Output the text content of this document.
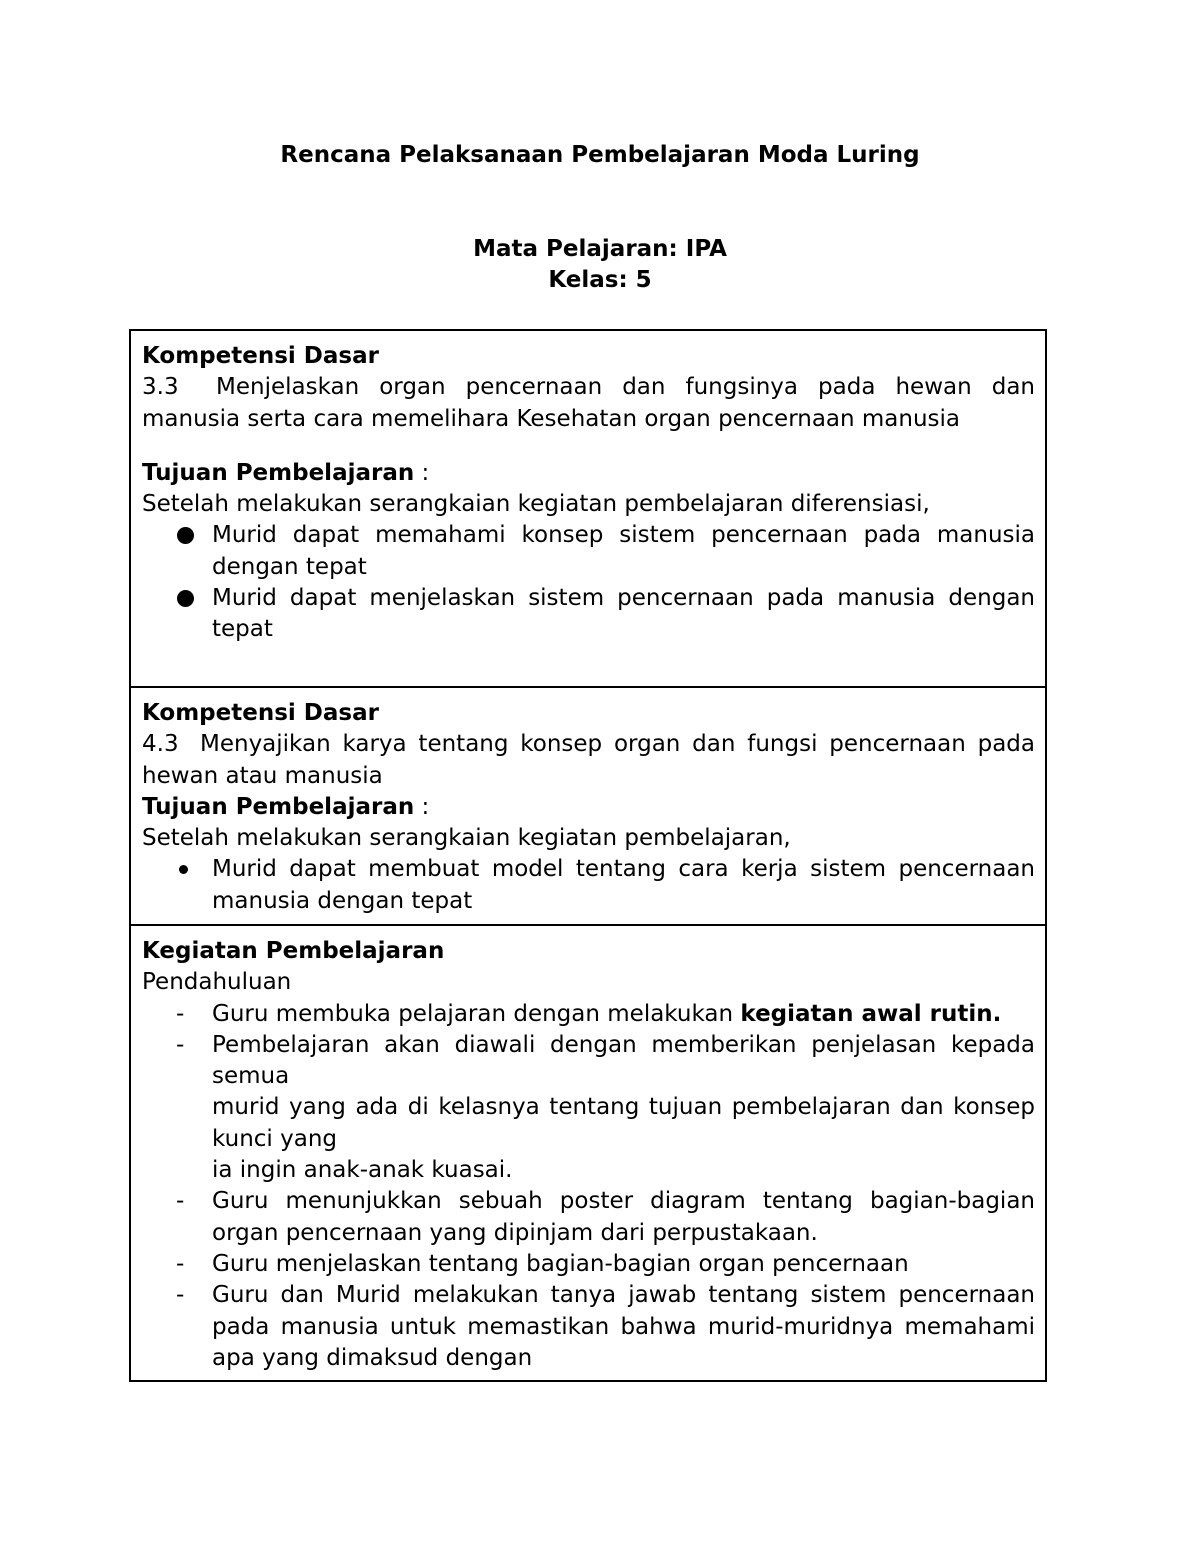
Rencana Pelaksanaan Pembelajaran Moda Luring
Mata Pelajaran: IPA
Kelas: 5
Kompetensi Dasar
3.3	Menjelaskan organ pencernaan dan fungsinya pada hewan dan
manusia serta cara memelihara Kesehatan organ pencernaan manusia
Tujuan Pembelajaran :
Setelah melakukan serangkaian kegiatan pembelajaran diferensiasi,
Murid dapat memahami konsep sistem pencernaan pada manusia dengan tepat
Murid dapat menjelaskan sistem pencernaan pada manusia dengan tepat
Kompetensi Dasar
4.3 Menyajikan karya tentang konsep organ dan fungsi pencernaan pada hewan atau manusia
Tujuan Pembelajaran :
Setelah melakukan serangkaian kegiatan pembelajaran,
Murid dapat membuat model tentang cara kerja sistem pencernaan manusia dengan tepat
Kegiatan Pembelajaran
Pendahuluan
- Guru membuka pelajaran dengan melakukan kegiatan awal rutin.
- Pembelajaran akan diawali dengan memberikan penjelasan kepada semua
murid yang ada di kelasnya tentang tujuan pembelajaran dan konsep kunci yang
ia ingin anak-anak kuasai.
- Guru menunjukkan sebuah poster diagram tentang bagian-bagian organ pencernaan yang dipinjam dari perpustakaan.
- Guru menjelaskan tentang bagian-bagian organ pencernaan
- Guru dan Murid melakukan tanya jawab tentang sistem pencernaan pada manusia untuk memastikan bahwa murid-muridnya memahami apa yang dimaksud dengan
